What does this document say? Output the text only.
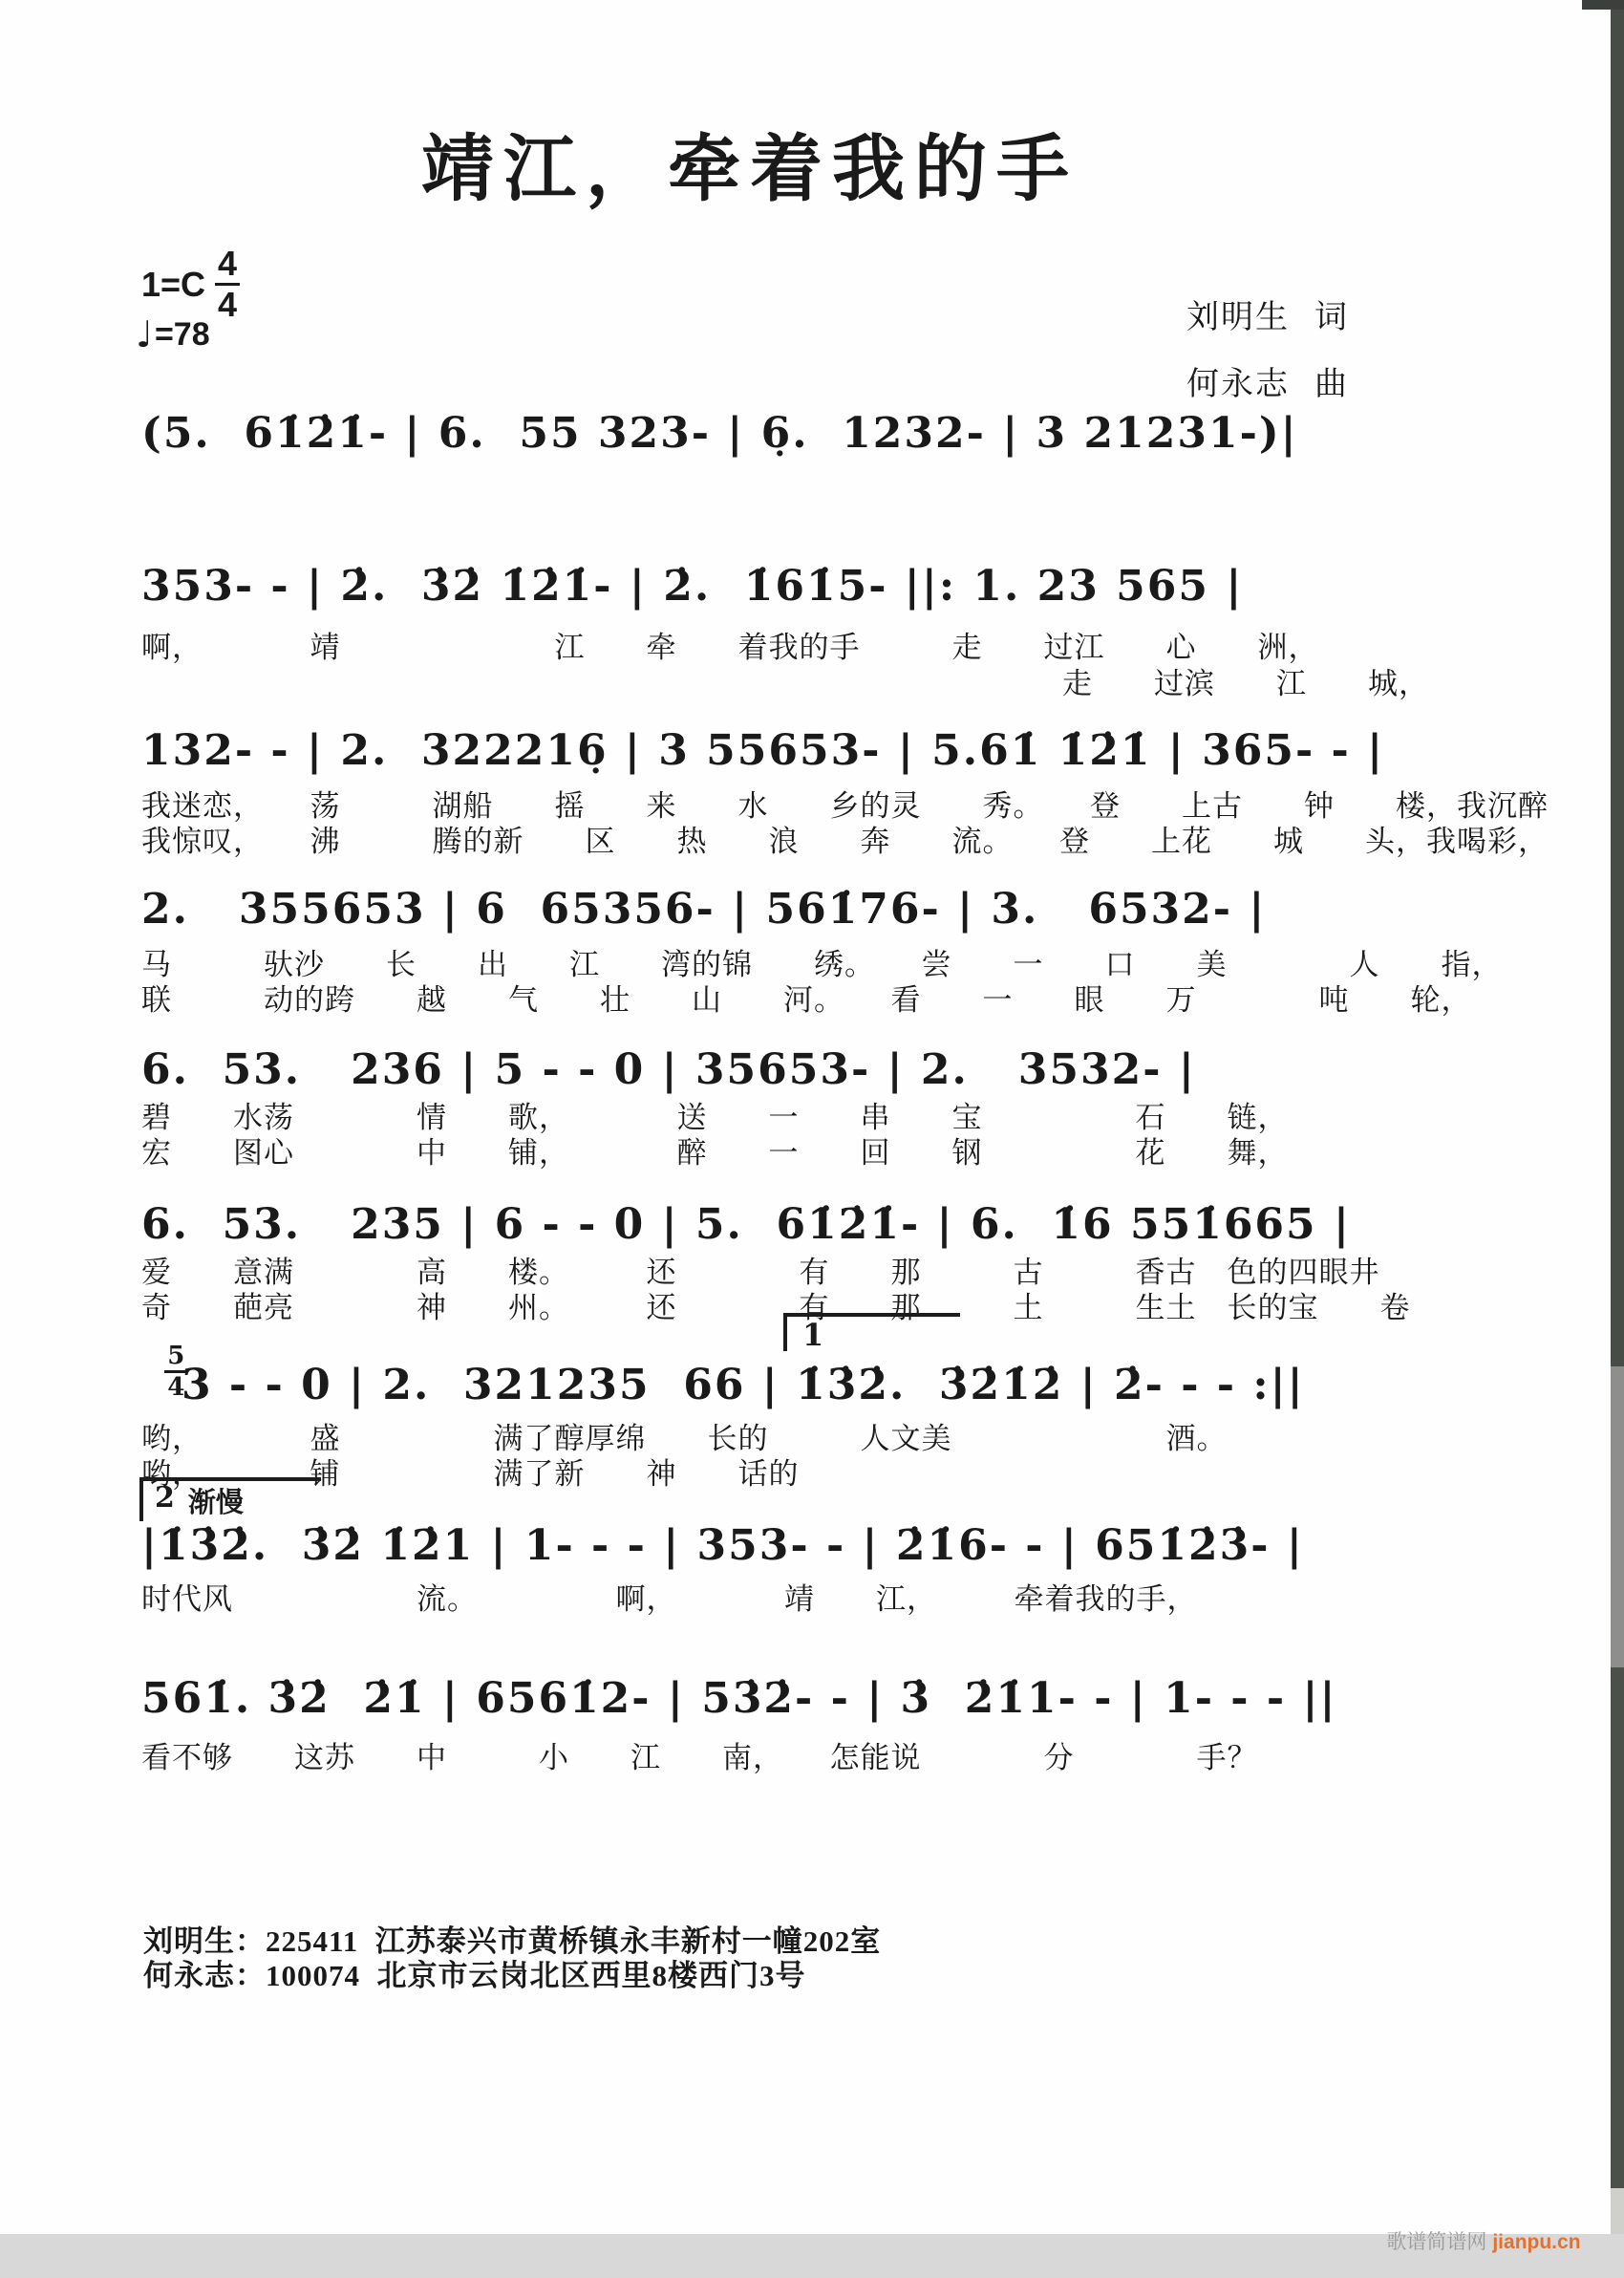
靖江，牵着我的手
$1=C \frac{4}{4}$
♩ =78	刘明生 词

何永志 曲

(5.  61̇2̇1̇- | 6.  55 323- | 6̣.  1232- | 3 21231-)|
353- - | 2̇.  3̇2̇ 1̇2̇1̇- | 2̇.  1̇61̇5- ||: 1. 23 565 |
啊，　　　　靖　　　　　　　江　　牵　　着我的手　　　走　　过江　　心　　洲，
走　　过滨　　江　　城，
132- - | 2.  322216̣ | 3 55653- | 5.61̇ 1̇2̇1̇ | 365- - |
我迷恋，　　荡　　　湖船　　摇　　来　　水　　乡的灵　　秀。　　登　　上古　　钟　　楼，我沉醉
我惊叹，　　沸　　　腾的新　　区　　热　　浪　　奔　　流。　　登　　上花　　城　　头，我喝彩，
2.   355653 | 6  65356- | 561̇76- | 3.   6532- |
马　　　驮沙　　长　　出　　江　　湾的锦　　绣。　　尝　　一　　口　　美　　　　人　　指，
联　　　动的跨　　越　　气　　壮　　山　　河。　　看　　一　　眼　　万　　　　吨　　轮，
6.  53.   236 | 5 - - 0 | 35653- | 2.   3532- |
碧　　水荡　　　　情　　歌，　　　　送　　一　　串　　宝　　　　　石　　链，
宏　　图心　　　　中　　铺，　　　　醉　　一　　回　　钢　　　　　花　　舞，
6.  53.   235 | 6 - - 0 | 5.  61̇2̇1̇- | 6.  1̇6 551̇665 |
爱　　意满　　　　高　　楼。　　　还　　　　有　　那　　　古　　　香古　色的四眼井
奇　　葩亮　　　　神　　州。　　　还　　　　有　　那　　　土　　　生土　长的宝　　卷

$\frac{5}{4}$

1
3 - - 0 | 2.  321235  66 | 1̇3̇2̇.  3̇2̇1̇2̇ | 2̇- - - :||
哟，　　　　盛　　　　　满了醇厚绵　　长的　　　人文美　　　　　　　酒。
哟，　　　　铺　　　　　满了新　　神　　话的
2 渐慢
|1̇3̇2̇.  3̇2̇ 1̇2̇1 | 1- - - | 353- - | 2̇1̇6- - | 651̇2̇3̇- |
时代风　　　　　　流。　　　　　啊，　　　　靖　　江，　　　牵着我的手，
561̇. 3̇2̇  2̇1̇ | 6561̇2- | 53̇2̇- - | 3̇  2̇1̇1- - | 1- - - ||
看不够　　这苏　　中　　　小　　江　　南，　　怎能说　　　　分　　　　手？
刘明生：225411  江苏泰兴市黄桥镇永丰新村一幢202室
何永志：100074  北京市云岗北区西里8楼西门3号

歌谱简谱网 jianpu.cn
